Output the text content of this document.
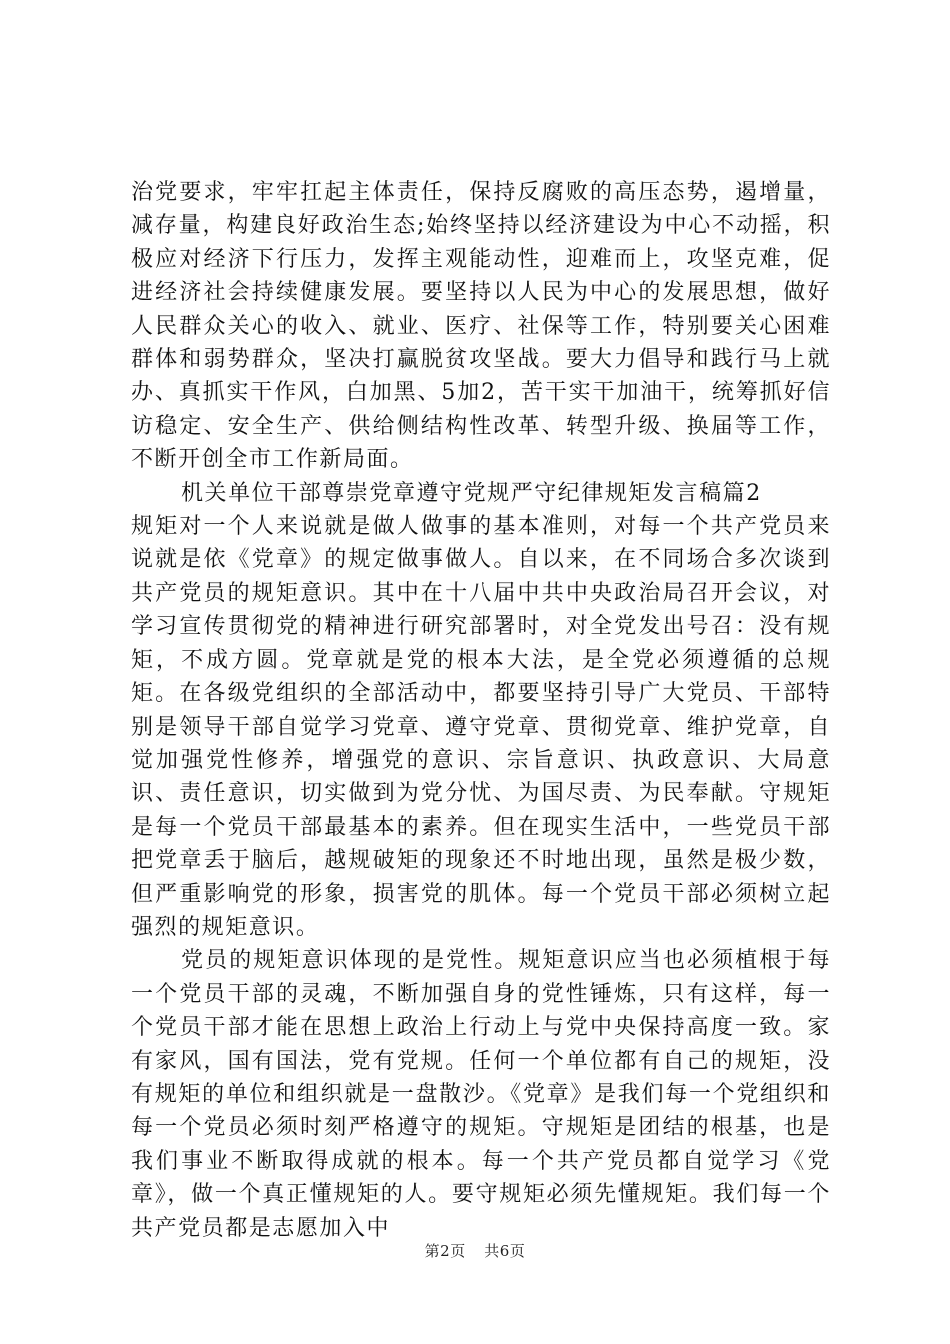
治党要求，牢牢扛起主体责任，保持反腐败的高压态势，遏增量，减存量，构建良好政治生态;始终坚持以经济建设为中心不动摇，积极应对经济下行压力，发挥主观能动性，迎难而上，攻坚克难，促进经济社会持续健康发展。要坚持以人民为中心的发展思想，做好人民群众关心的收入、就业、医疗、社保等工作，特别要关心困难群体和弱势群众，坚决打赢脱贫攻坚战。要大力倡导和践行马上就办、真抓实干作风，白加黑、5加2，苦干实干加油干，统筹抓好信访稳定、安全生产、供给侧结构性改革、转型升级、换届等工作，不断开创全市工作新局面。

机关单位干部尊崇党章遵守党规严守纪律规矩发言稿篇2

规矩对一个人来说就是做人做事的基本准则，对每一个共产党员来说就是依《党章》的规定做事做人。自以来，在不同场合多次谈到共产党员的规矩意识。其中在十八届中共中央政治局召开会议，对学习宣传贯彻党的精神进行研究部署时，对全党发出号召：没有规矩，不成方圆。党章就是党的根本大法，是全党必须遵循的总规矩。在各级党组织的全部活动中，都要坚持引导广大党员、干部特别是领导干部自觉学习党章、遵守党章、贯彻党章、维护党章，自觉加强党性修养，增强党的意识、宗旨意识、执政意识、大局意识、责任意识，切实做到为党分忧、为国尽责、为民奉献。守规矩是每一个党员干部最基本的素养。但在现实生活中，一些党员干部把党章丢于脑后，越规破矩的现象还不时地出现，虽然是极少数，但严重影响党的形象，损害党的肌体。每一个党员干部必须树立起强烈的规矩意识。

党员的规矩意识体现的是党性。规矩意识应当也必须植根于每一个党员干部的灵魂，不断加强自身的党性锤炼，只有这样，每一个党员干部才能在思想上政治上行动上与党中央保持高度一致。家有家风，国有国法，党有党规。任何一个单位都有自己的规矩，没有规矩的单位和组织就是一盘散沙。《党章》是我们每一个党组织和每一个党员必须时刻严格遵守的规矩。守规矩是团结的根基，也是我们事业不断取得成就的根本。每一个共产党员都自觉学习《党章》，做一个真正懂规矩的人。要守规矩必须先懂规矩。我们每一个共产党员都是志愿加入中

第2页 共6页
